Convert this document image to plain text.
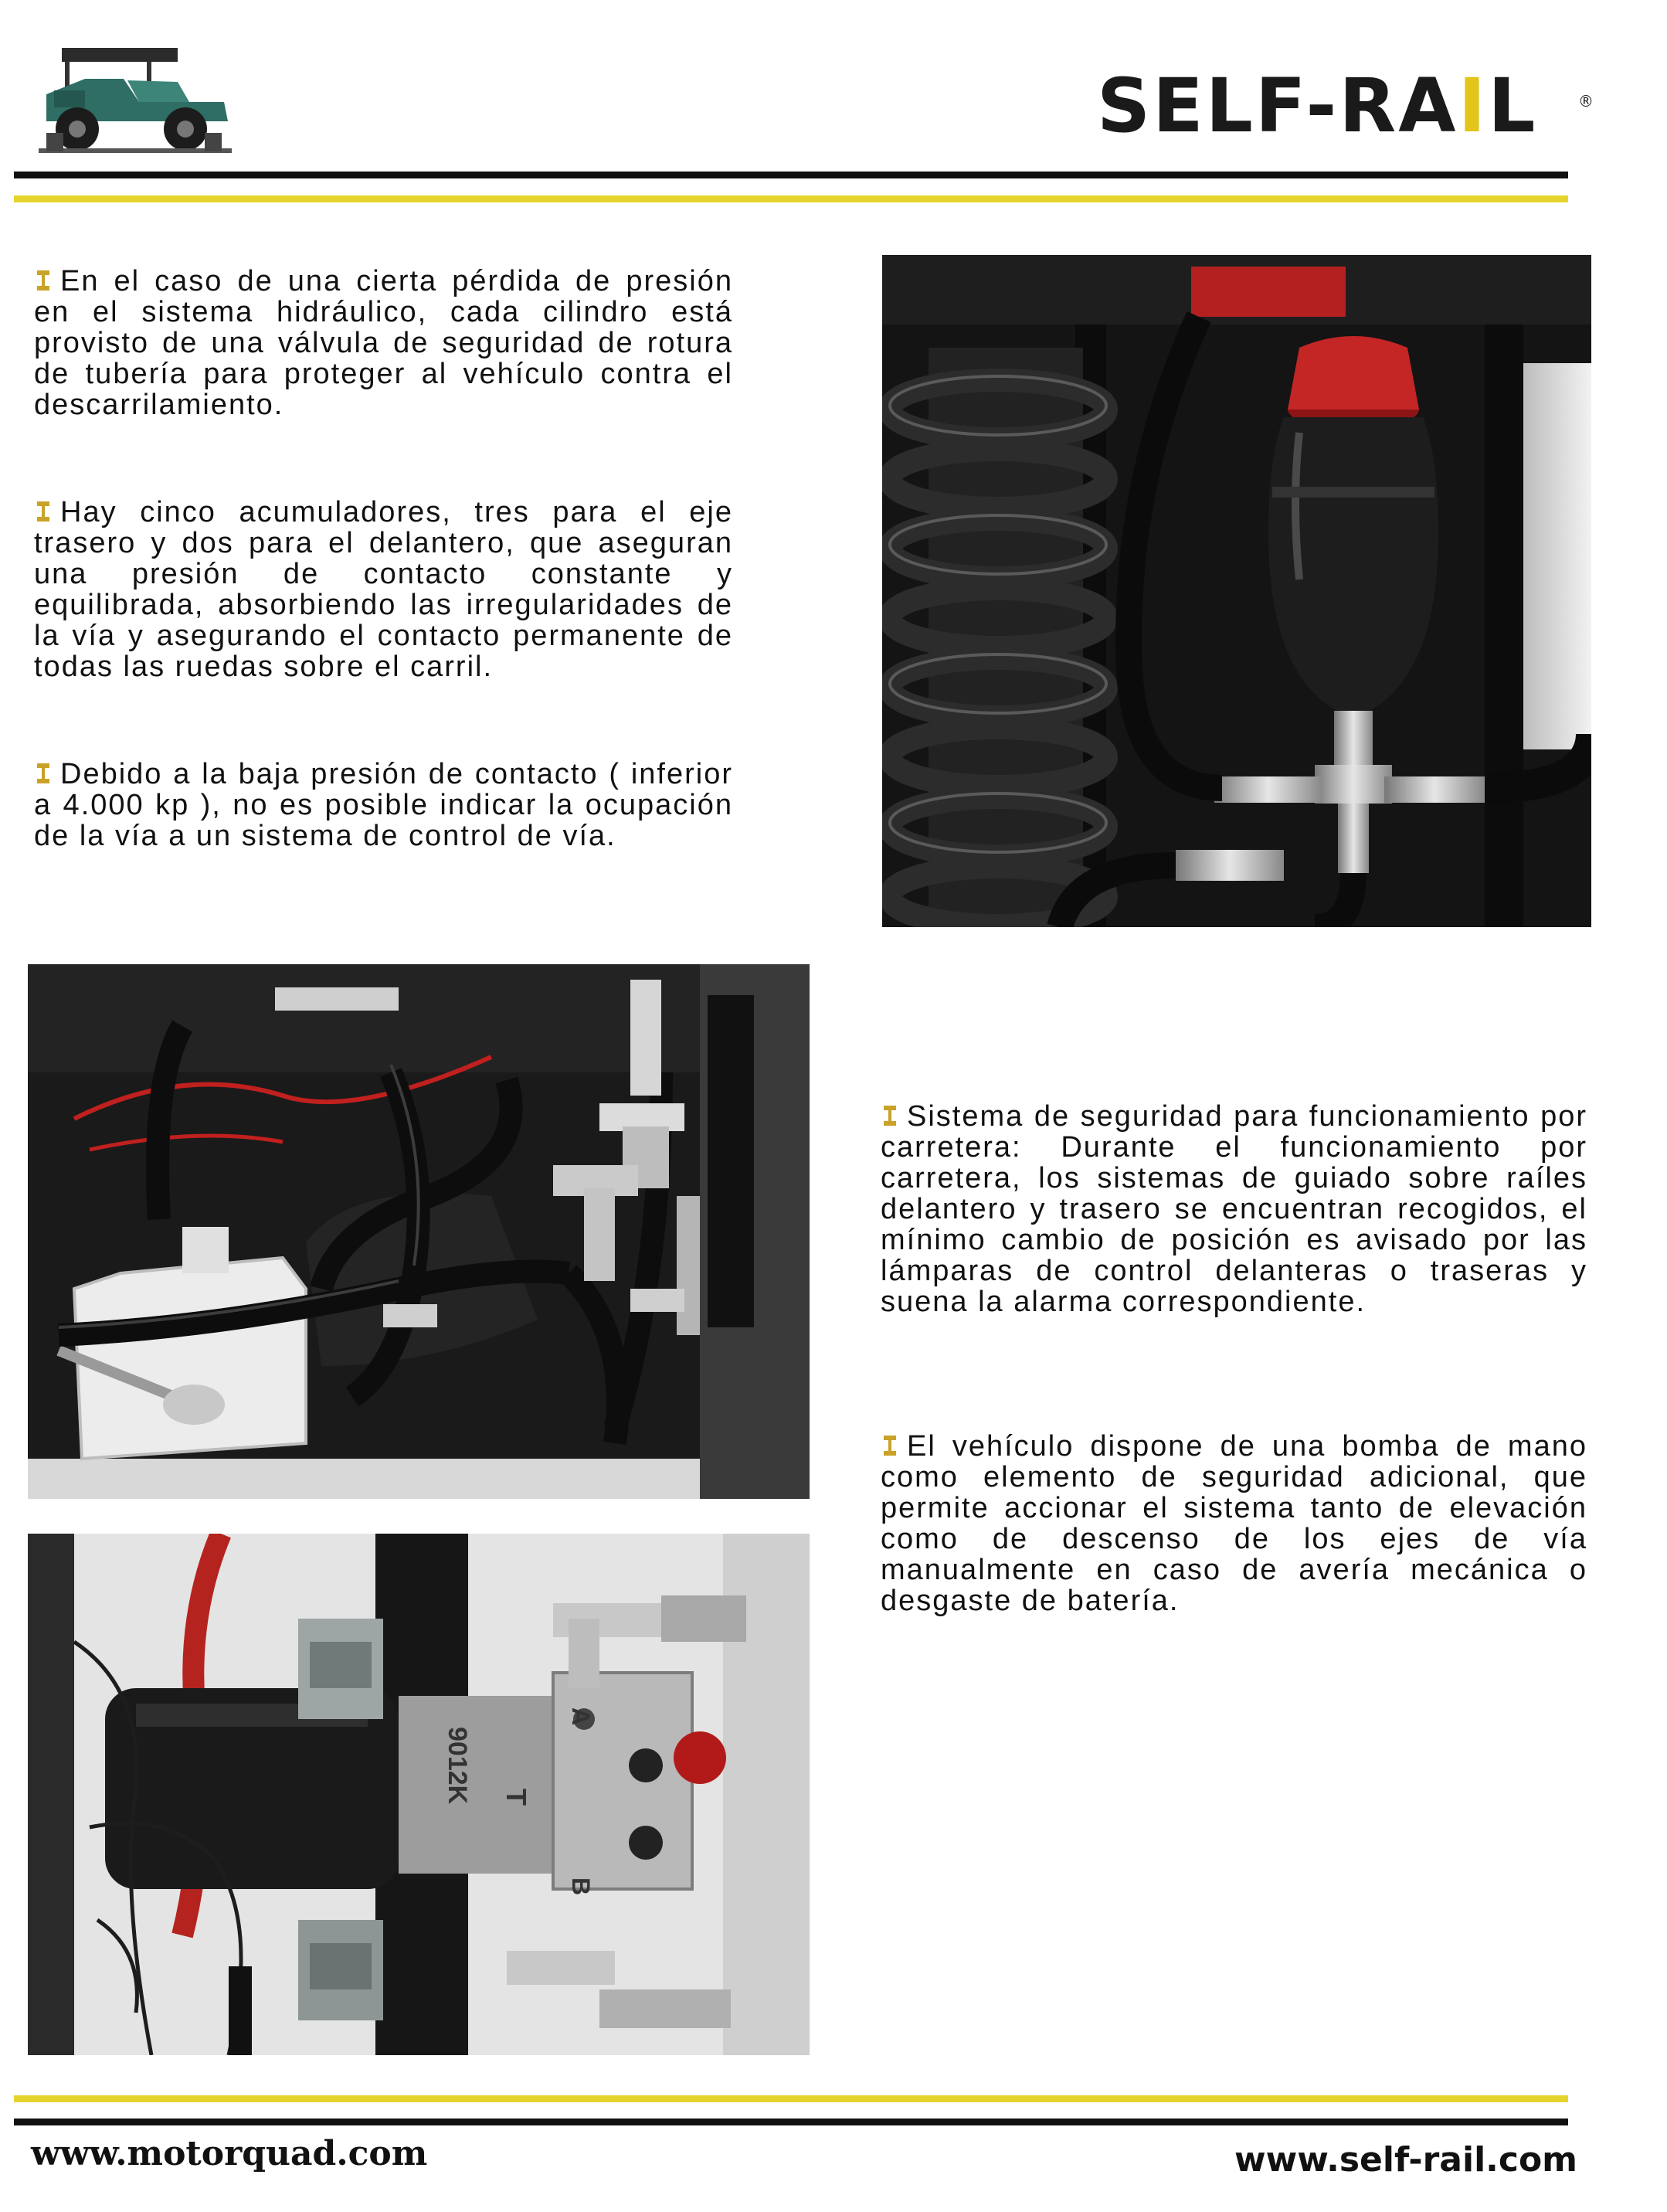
SELF-RAIL	®

En el caso de una cierta pérdida de presión en el sistema hidráulico, cada cilindro está provisto de una válvula de seguridad de rotura de tubería para proteger al vehículo contra el descarrilamiento.

Hay cinco acumuladores, tres para el eje trasero y dos para el delantero, que aseguran una presión de contacto constante y equilibrada, absorbiendo las irregularidades de la vía y asegurando el contacto permanente de todas las ruedas sobre el carril.

Debido a la baja presión de contacto ( inferior a 4.000 kp ), no es posible indicar la ocupación de la vía a un sistema de control de vía.

Sistema de seguridad para funcionamiento por carretera: Durante el funcionamiento por carretera, los sistemas de guiado sobre raíles delantero y trasero se encuentran recogidos, el mínimo cambio de posición es avisado por las lámparas de control delanteras o traseras y suena la alarma correspondiente.

El vehículo dispone de una bomba de mano como elemento de seguridad adicional, que permite accionar el sistema tanto de elevación como de descenso de los ejes de vía manualmente en caso de avería mecánica o desgaste de batería.

T
A
B
9012K
www.motorquad.com	www.self-rail.com
